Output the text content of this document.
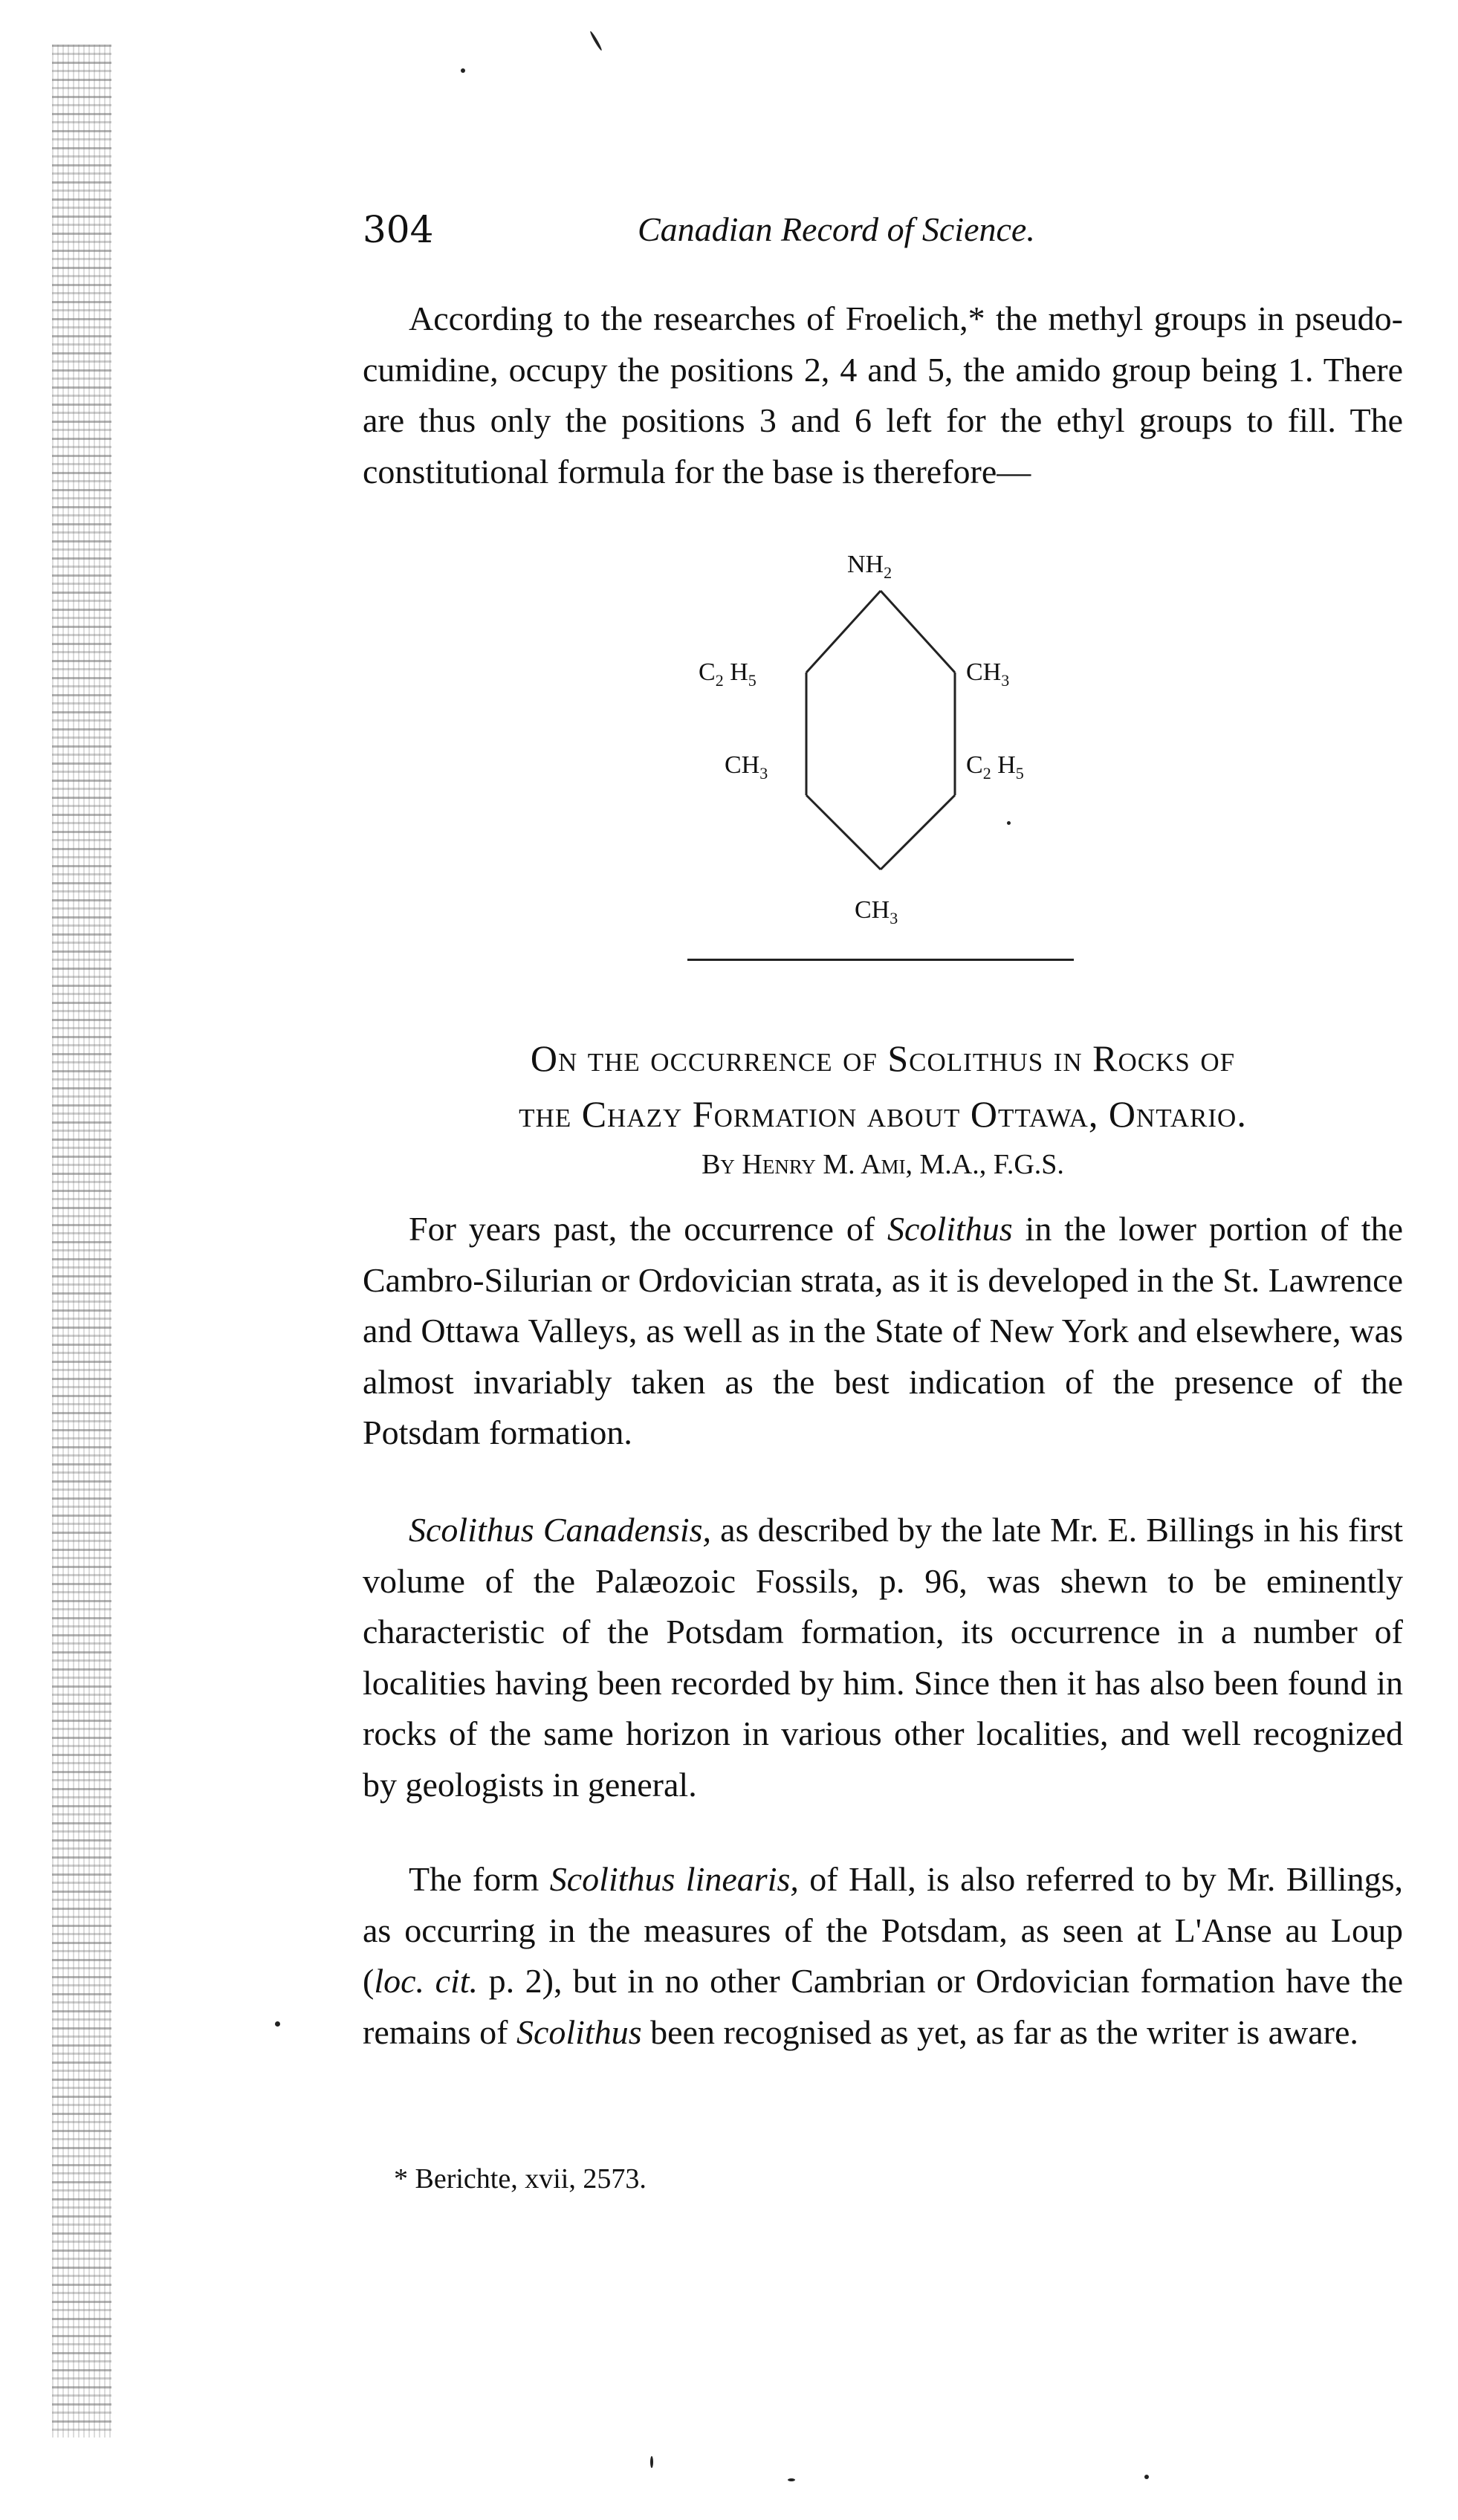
304	Canadian Record of Science.
According to the researches of Froelich,* the methyl groups in pseudo-cumidine, occupy the positions 2, 4 and 5, the amido group being 1. There are thus only the positions 3 and 6 left for the ethyl groups to fill. The constitutional formula for the base is therefore—
$NH_2$
$C_2$ $H_5$	$CH_3$
$CH_3$	$C_2$ $H_5$
$CH_3$
On the occurrence of Scolithus in Rocks of
the Chazy Formation about Ottawa, Ontario.
By Henry M. Ami, M.A., F.G.S.
For years past, the occurrence of Scolithus in the lower portion of the Cambro-Silurian or Ordovician strata, as it is developed in the St. Lawrence and Ottawa Valleys, as well as in the State of New York and elsewhere, was almost invariably taken as the best indication of the presence of the Potsdam formation.
Scolithus Canadensis, as described by the late Mr. E. Billings in his first volume of the Palæozoic Fossils, p. 96, was shewn to be eminently characteristic of the Potsdam formation, its occurrence in a number of localities having been recorded by him. Since then it has also been found in rocks of the same horizon in various other localities, and well recognized by geologists in general.
The form Scolithus linearis, of Hall, is also referred to by Mr. Billings, as occurring in the measures of the Potsdam, as seen at L'Anse au Loup (loc. cit. p. 2), but in no other Cambrian or Ordovician formation have the remains of Scolithus been recognised as yet, as far as the writer is aware.
* Berichte, xvii, 2573.
